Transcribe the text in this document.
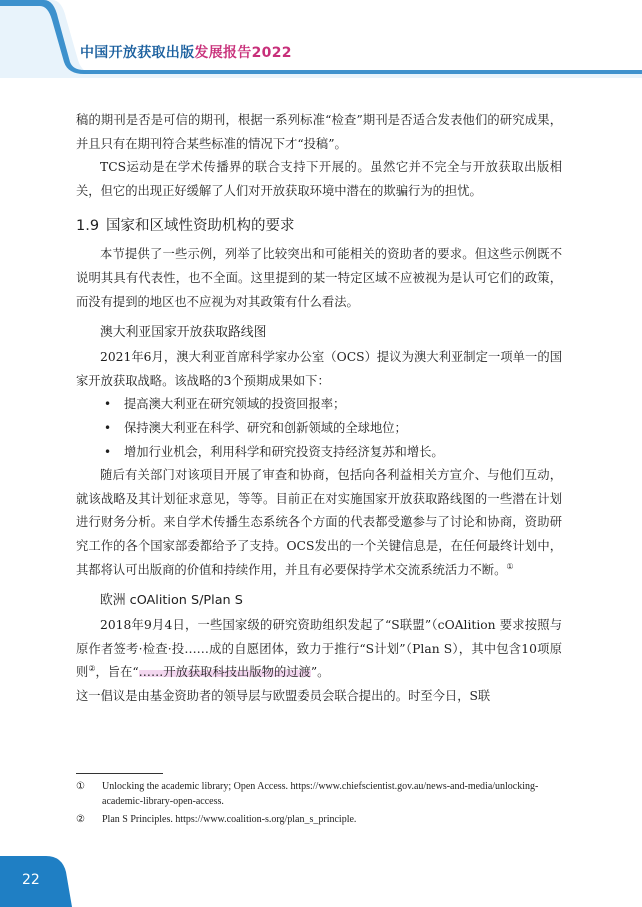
中国开放获取出版发展报告2022

稿的期刊是否是可信的期刊，根据一系列标准“检查”期刊是否适合发表他们的研究成果，并且只有在期刊符合某些标准的情况下才“投稿”。

TCS运动是在学术传播界的联合支持下开展的。虽然它并不完全与开放获取出版相关，但它的出现正好缓解了人们对开放获取环境中潜在的欺骗行为的担忧。

1.9 国家和区域性资助机构的要求

本节提供了一些示例，列举了比较突出和可能相关的资助者的要求。但这些示例既不说明其具有代表性，也不全面。这里提到的某一特定区域不应被视为是认可它们的政策，而没有提到的地区也不应视为对其政策有什么看法。

澳大利亚国家开放获取路线图

2021年6月，澳大利亚首席科学家办公室（OCS）提议为澳大利亚制定一项单一的国家开放获取战略。该战略的3个预期成果如下：

• 提高澳大利亚在研究领域的投资回报率；
• 保持澳大利亚在科学、研究和创新领域的全球地位；
• 增加行业机会，利用科学和研究投资支持经济复苏和增长。

随后有关部门对该项目开展了审查和协商，包括向各利益相关方宣介、与他们互动，就该战略及其计划征求意见，等等。目前正在对实施国家开放获取路线图的一些潜在计划进行财务分析。来自学术传播生态系统各个方面的代表都受邀参与了讨论和协商，资助研究工作的各个国家部委都给予了支持。OCS发出的一个关键信息是，在任何最终计划中，其都将认可出版商的价值和持续作用，并且有必要保持学术交流系统活力不断。①

欧洲 cOAlition S/Plan S

2018年9月4日，一些国家级的研究资助组织发起了“S联盟”（cOAlition 要求按照与原作者签考·检查·投……成的自愿团体，致力于推行“S计划”（Plan S），其中包含10项原则②，旨在“……开放获取科技出版物的过渡”。

这一倡议是由基金资助者的领导层与欧盟委员会联合提出的。时至今日，S联

① Unlocking the academic library; Open Access. https://www.chiefscientist.gov.au/news-and-media/unlocking-academic-library-open-access.
② Plan S Principles. https://www.coalition-s.org/plan_s_principle.
22
